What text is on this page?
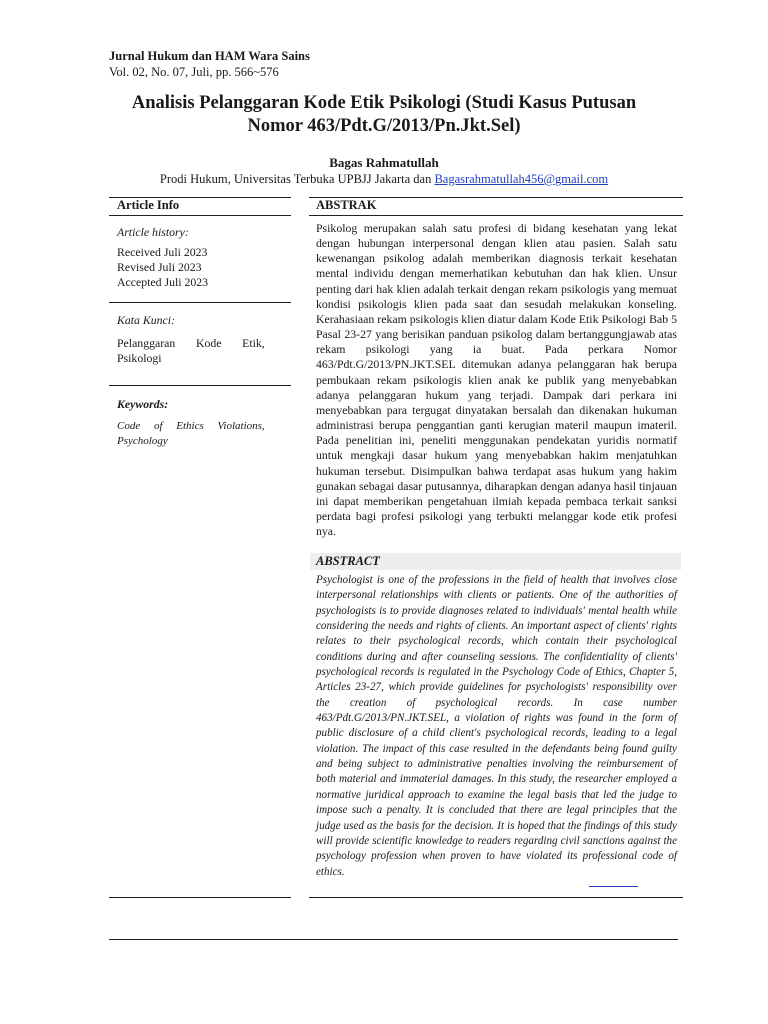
Jurnal Hukum dan HAM Wara Sains
Vol. 02, No. 07, Juli, pp. 566~576
Analisis Pelanggaran Kode Etik Psikologi (Studi Kasus Putusan
Nomor 463/Pdt.G/2013/Pn.Jkt.Sel)
Bagas Rahmatullah
Prodi Hukum, Universitas Terbuka UPBJJ Jakarta dan Bagasrahmatullah456@gmail.com
Article Info	ABSTRAK
Article history:
Received Juli 2023
Revised Juli 2023
Accepted Juli 2023
Kata Kunci:
Pelanggaran       Kode       Etik,
Psikologi
Keywords:
Code     of     Ethics     Violations,
Psychology
Psikolog merupakan salah satu profesi di bidang kesehatan yang lekat dengan hubungan interpersonal dengan klien atau pasien. Salah satu kewenangan psikolog adalah memberikan diagnosis terkait kesehatan mental individu dengan memerhatikan kebutuhan dan hak klien. Unsur penting dari hak klien adalah terkait dengan rekam psikologis yang memuat kondisi psikologis klien pada saat dan sesudah melakukan konseling. Kerahasiaan rekam psikologis klien diatur dalam Kode Etik Psikologi Bab 5 Pasal 23-27 yang berisikan panduan psikolog dalam bertanggungjawab atas rekam psikologi yang ia buat. Pada perkara Nomor 463/Pdt.G/2013/PN.JKT.SEL ditemukan adanya pelanggaran hak berupa pembukaan rekam psikologis klien anak ke publik yang menyebabkan adanya pelanggaran hukum yang terjadi. Dampak dari perkara ini menyebabkan para tergugat dinyatakan bersalah dan dikenakan hukuman administrasi berupa penggantian ganti kerugian materil maupun imateril. Pada penelitian ini, peneliti menggunakan pendekatan yuridis normatif untuk mengkaji dasar hukum yang menyebabkan hakim menjatuhkan hukuman tersebut. Disimpulkan bahwa terdapat asas hukum yang hakim gunakan sebagai dasar putusannya, diharapkan dengan adanya hasil tinjauan ini dapat memberikan pengetahuan ilmiah kepada pembaca terkait sanksi perdata bagi profesi psikologi yang terbukti melanggar kode etik profesi nya.
ABSTRACT
Psychologist is one of the professions in the field of health that involves close interpersonal relationships with clients or patients. One of the authorities of psychologists is to provide diagnoses related to individuals' mental health while considering the needs and rights of clients. An important aspect of clients' rights relates to their psychological records, which contain their psychological conditions during and after counseling sessions. The confidentiality of clients' psychological records is regulated in the Psychology Code of Ethics, Chapter 5, Articles 23-27, which provide guidelines for psychologists' responsibility over the creation of psychological records. In case number 463/Pdt.G/2013/PN.JKT.SEL, a violation of rights was found in the form of public disclosure of a child client's psychological records, leading to a legal violation. The impact of this case resulted in the defendants being found guilty and being subject to administrative penalties involving the reimbursement of both material and immaterial damages. In this study, the researcher employed a normative juridical approach to examine the legal basis that led the judge to impose such a penalty. It is concluded that there are legal principles that the judge used as the basis for the decision. It is hoped that the findings of this study will provide scientific knowledge to readers regarding civil sanctions against the psychology profession when proven to have violated its professional code of ethics.
